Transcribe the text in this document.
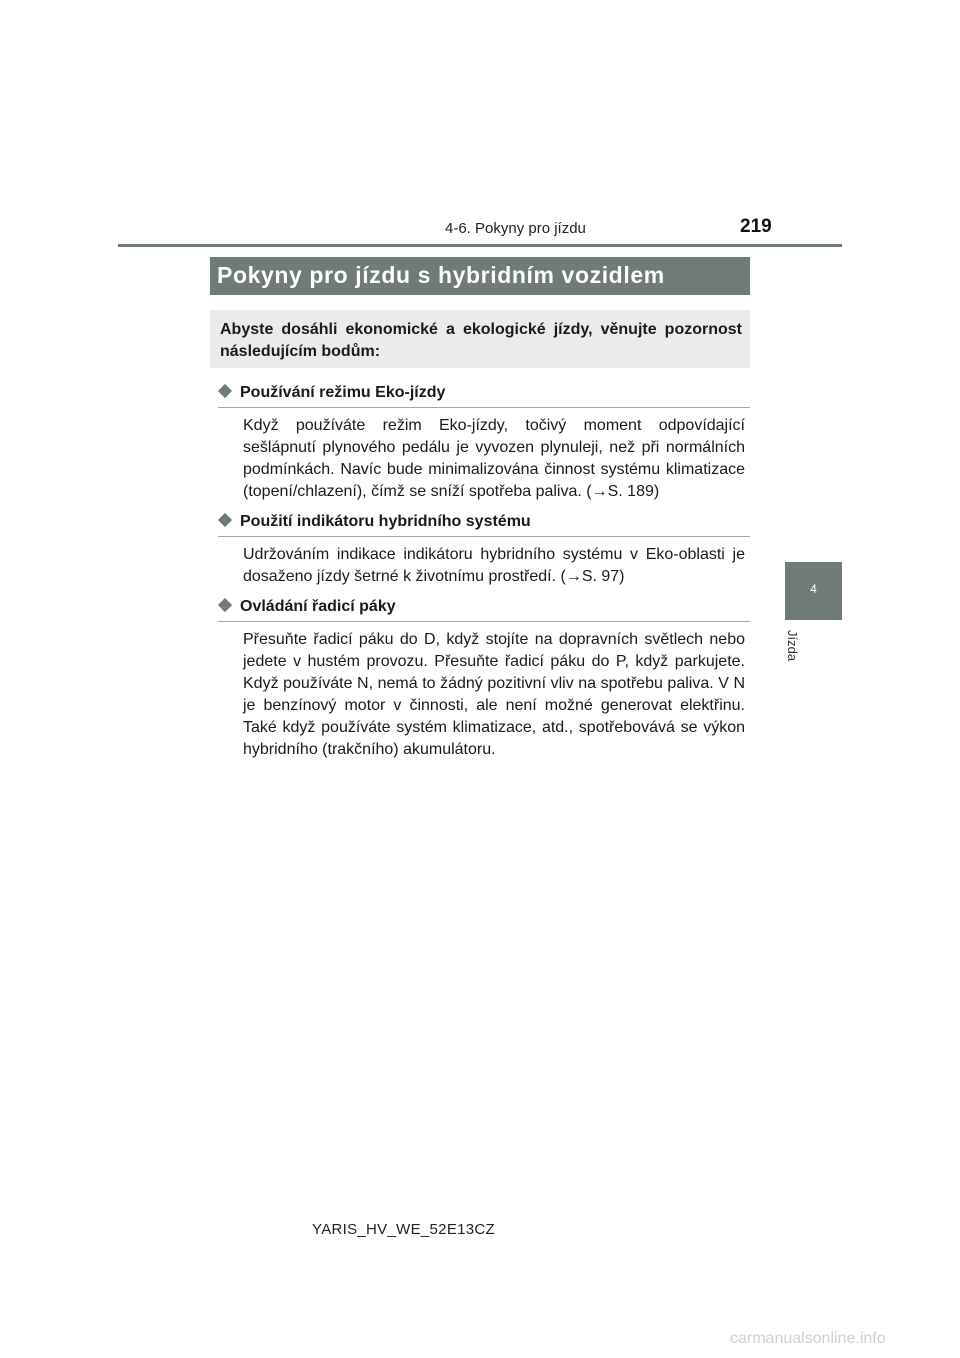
4-6. Pokyny pro jízdu	219
4
Jízda
Pokyny pro jízdu s hybridním vozidlem
Abyste dosáhli ekonomické a ekologické jízdy, věnujte pozornost následujícím bodům:
Používání režimu Eko-jízdy
Když používáte režim Eko-jízdy, točivý moment odpovídající sešlápnutí plynového pedálu je vyvozen plynuleji, než při normálních podmínkách. Navíc bude minimalizována činnost systému klimatizace (topení/chlazení), čímž se sníží spotřeba paliva. (→S. 189)
Použití indikátoru hybridního systému
Udržováním indikace indikátoru hybridního systému v Eko-oblasti je dosaženo jízdy šetrné k životnímu prostředí. (→S. 97)
Ovládání řadicí páky
Přesuňte řadicí páku do D, když stojíte na dopravních světlech nebo jedete v hustém provozu. Přesuňte řadicí páku do P, když parkujete. Když používáte N, nemá to žádný pozitivní vliv na spotřebu paliva. V N je benzínový motor v činnosti, ale není možné generovat elektřinu. Také když používáte systém klimatizace, atd., spotřebovává se výkon hybridního (trakčního) akumulátoru.
YARIS_HV_WE_52E13CZ
carmanualsonline.info
